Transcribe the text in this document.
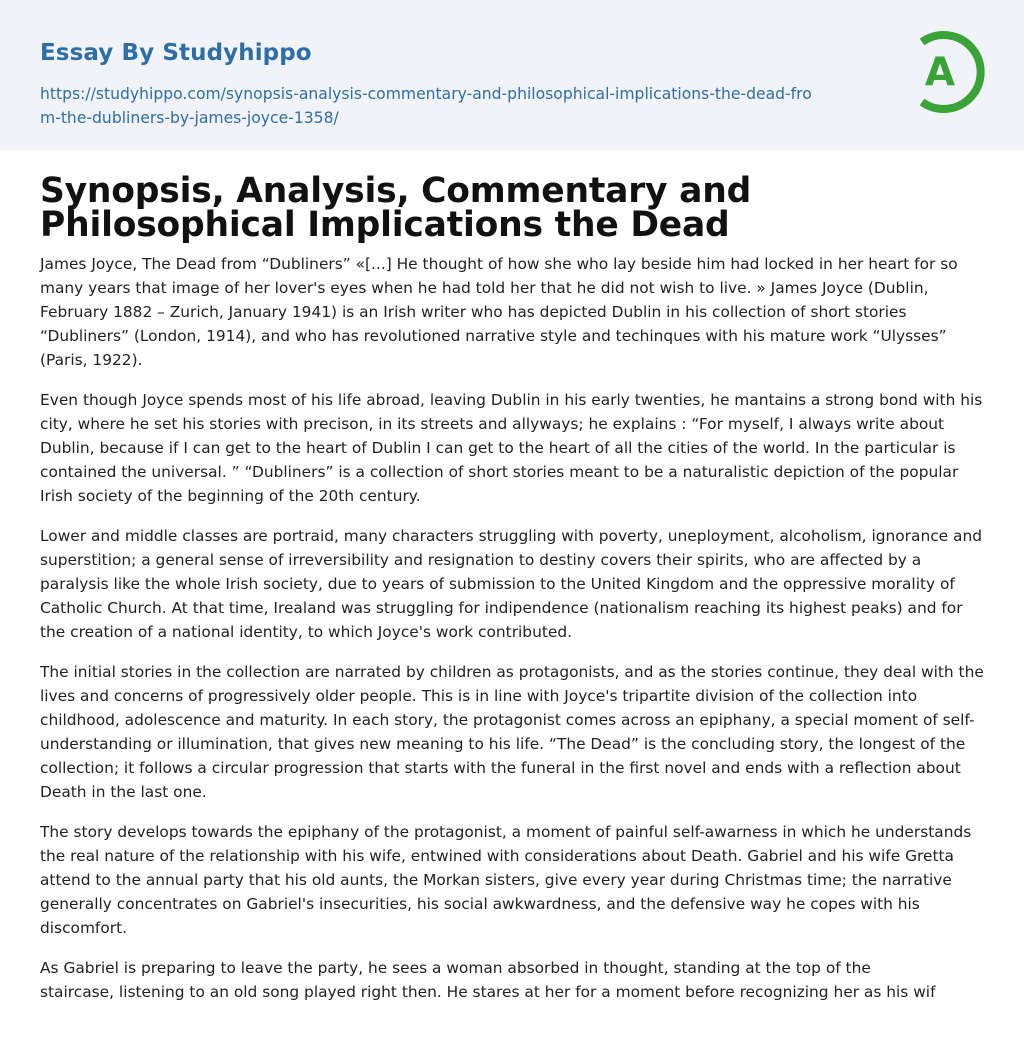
Essay By Studyhippo
https://studyhippo.com/synopsis-analysis-commentary-and-philosophical-implications-the-dead-from-the-dubliners-by-james-joyce-1358/
A
Synopsis, Analysis, Commentary and Philosophical Implications the Dead

James Joyce, The Dead from “Dubliners” «[...] He thought of how she who lay beside him had locked in her heart for so many years that image of her lover's eyes when he had told her that he did not wish to live. » James Joyce (Dublin, February 1882 – Zurich, January 1941) is an Irish writer who has depicted Dublin in his collection of short stories “Dubliners” (London, 1914), and who has revolutioned narrative style and techinques with his mature work “Ulysses” (Paris, 1922).

Even though Joyce spends most of his life abroad, leaving Dublin in his early twenties, he mantains a strong bond with his city, where he set his stories with precison, in its streets and allyways; he explains : “For myself, I always write about Dublin, because if I can get to the heart of Dublin I can get to the heart of all the cities of the world. In the particular is contained the universal. ” “Dubliners” is a collection of short stories meant to be a naturalistic depiction of the popular Irish society of the beginning of the 20th century.

Lower and middle classes are portraid, many characters struggling with poverty, uneployment, alcoholism, ignorance and superstition; a general sense of irreversibility and resignation to destiny covers their spirits, who are affected by a paralysis like the whole Irish society, due to years of submission to the United Kingdom and the oppressive morality of Catholic Church. At that time, Irealand was struggling for indipendence (nationalism reaching its highest peaks) and for the creation of a national identity, to which Joyce's work contributed.

The initial stories in the collection are narrated by children as protagonists, and as the stories continue, they deal with the lives and concerns of progressively older people. This is in line with Joyce's tripartite division of the collection into childhood, adolescence and maturity. In each story, the protagonist comes across an epiphany, a special moment of self-understanding or illumination, that gives new meaning to his life. “The Dead” is the concluding story, the longest of the collection; it follows a circular progression that starts with the funeral in the first novel and ends with a reflection about Death in the last one.

The story develops towards the epiphany of the protagonist, a moment of painful self-awarness in which he understands the real nature of the relationship with his wife, entwined with considerations about Death. Gabriel and his wife Gretta attend to the annual party that his old aunts, the Morkan sisters, give every year during Christmas time; the narrative generally concentrates on Gabriel's insecurities, his social awkwardness, and the defensive way he copes with his discomfort.

As Gabriel is preparing to leave the party, he sees a woman absorbed in thought, standing at the top of the
staircase, listening to an old song played right then. He stares at her for a moment before recognizing her as his wif
